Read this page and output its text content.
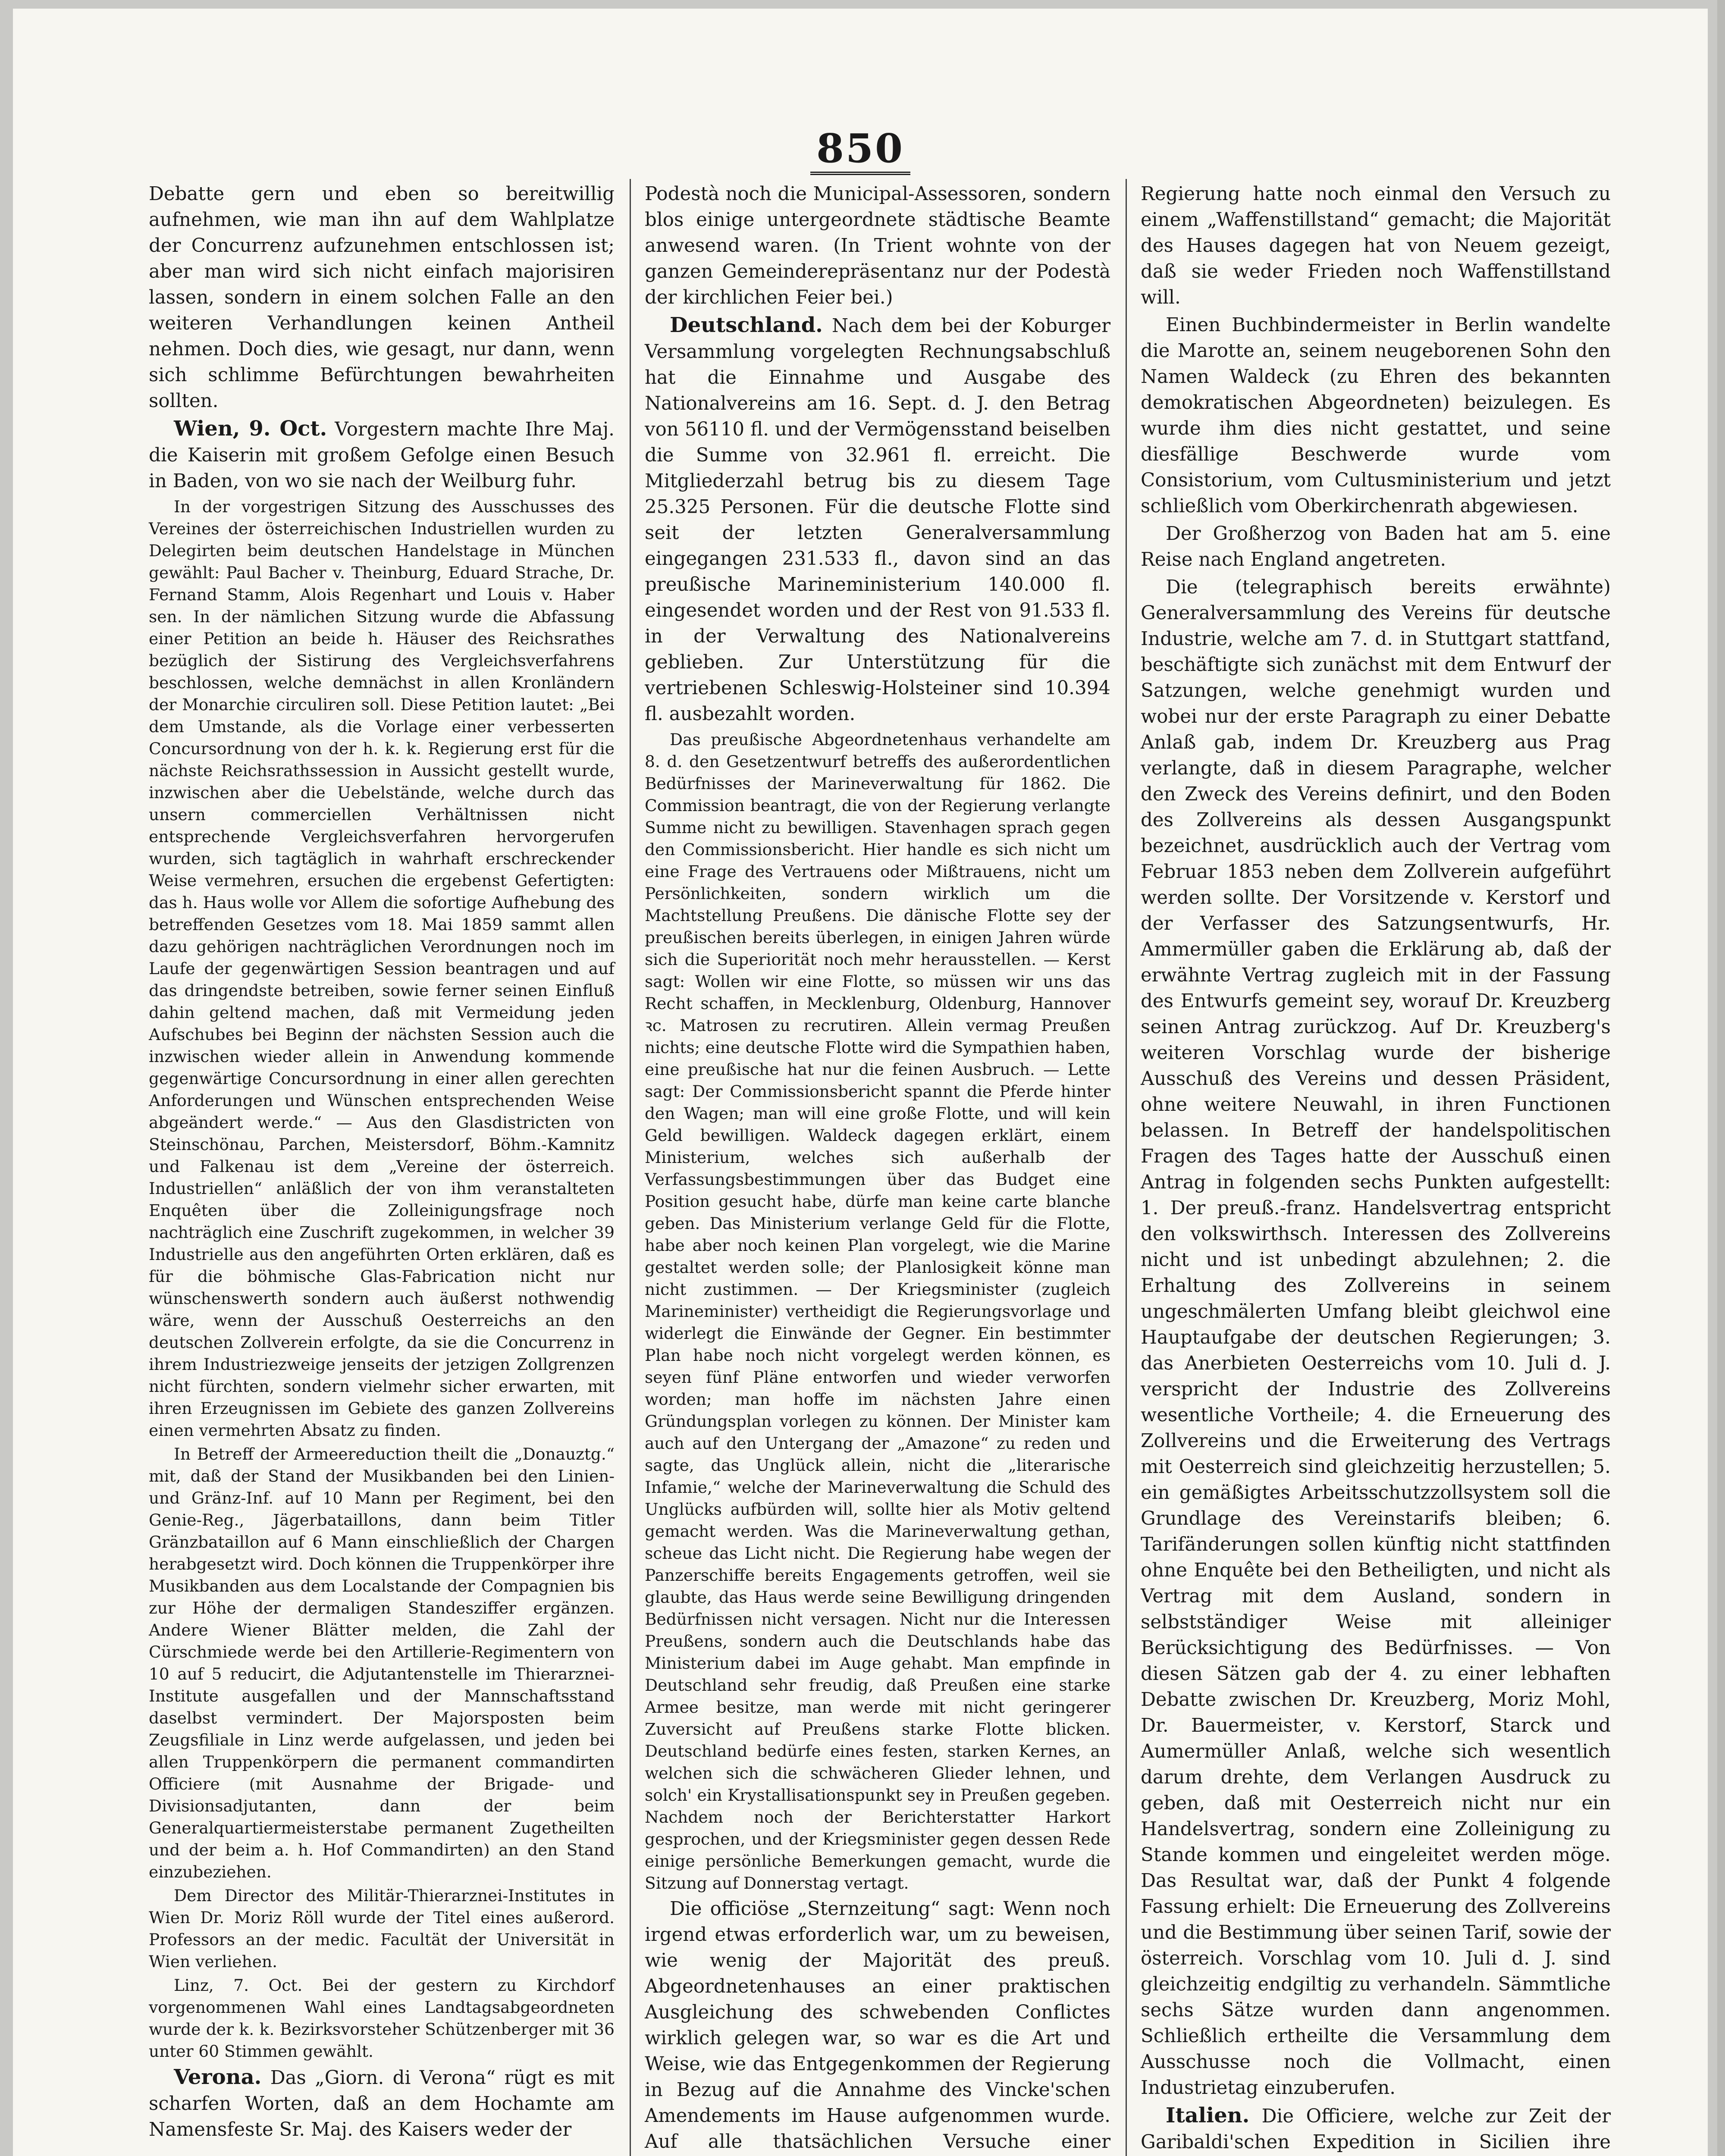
850

Debatte gern und eben so bereitwillig aufnehmen, wie man ihn auf dem Wahlplatze der Concurrenz aufzunehmen entschlossen ist; aber man wird sich nicht einfach majorisiren lassen, sondern in einem solchen Falle an den weiteren Verhandlungen keinen Antheil nehmen. Doch dies, wie gesagt, nur dann, wenn sich schlimme Befürchtungen bewahrheiten sollten.

Wien, 9. Oct. Vorgestern machte Ihre Maj. die Kaiserin mit großem Gefolge einen Besuch in Baden, von wo sie nach der Weilburg fuhr.

In der vorgestrigen Sitzung des Ausschusses des Vereines der österreichischen Industriellen wurden zu Delegirten beim deutschen Handelstage in München gewählt: Paul Bacher v. Theinburg, Eduard Strache, Dr. Fernand Stamm, Alois Regenhart und Louis v. Haber sen. In der nämlichen Sitzung wurde die Abfassung einer Petition an beide h. Häuser des Reichsrathes bezüglich der Sistirung des Vergleichsverfahrens beschlossen, welche demnächst in allen Kronländern der Monarchie circuliren soll. Diese Petition lautet: „Bei dem Umstande, als die Vorlage einer verbesserten Concursordnung von der h. k. k. Regierung erst für die nächste Reichsrathssession in Aussicht gestellt wurde, inzwischen aber die Uebelstände, welche durch das unsern commerciellen Verhältnissen nicht entsprechende Vergleichsverfahren hervorgerufen wurden, sich tagtäglich in wahrhaft erschreckender Weise vermehren, ersuchen die ergebenst Gefertigten: das h. Haus wolle vor Allem die sofortige Aufhebung des betreffenden Gesetzes vom 18. Mai 1859 sammt allen dazu gehörigen nachträglichen Verordnungen noch im Laufe der gegenwärtigen Session beantragen und auf das dringendste betreiben, sowie ferner seinen Einfluß dahin geltend machen, daß mit Vermeidung jeden Aufschubes bei Beginn der nächsten Session auch die inzwischen wieder allein in Anwendung kommende gegenwärtige Concursordnung in einer allen gerechten Anforderungen und Wünschen entsprechenden Weise abgeändert werde.“ — Aus den Glasdistricten von Steinschönau, Parchen, Meistersdorf, Böhm.-Kamnitz und Falkenau ist dem „Vereine der österreich. Industriellen“ anläßlich der von ihm veranstalteten Enquêten über die Zolleinigungsfrage noch nachträglich eine Zuschrift zugekommen, in welcher 39 Industrielle aus den angeführten Orten erklären, daß es für die böhmische Glas-Fabrication nicht nur wünschenswerth sondern auch äußerst nothwendig wäre, wenn der Ausschuß Oesterreichs an den deutschen Zollverein erfolgte, da sie die Concurrenz in ihrem Industriezweige jenseits der jetzigen Zollgrenzen nicht fürchten, sondern vielmehr sicher erwarten, mit ihren Erzeugnissen im Gebiete des ganzen Zollvereins einen vermehrten Absatz zu finden.

In Betreff der Armeereduction theilt die „Donauztg.“ mit, daß der Stand der Musikbanden bei den Linien- und Gränz-Inf. auf 10 Mann per Regiment, bei den Genie-Reg., Jägerbataillons, dann beim Titler Gränzbataillon auf 6 Mann einschließlich der Chargen herabgesetzt wird. Doch können die Truppenkörper ihre Musikbanden aus dem Localstande der Compagnien bis zur Höhe der dermaligen Standesziffer ergänzen. Andere Wiener Blätter melden, die Zahl der Cürschmiede werde bei den Artillerie-Regimentern von 10 auf 5 reducirt, die Adjutantenstelle im Thierarznei-Institute ausgefallen und der Mannschaftsstand daselbst vermindert. Der Majorsposten beim Zeugsfiliale in Linz werde aufgelassen, und jeden bei allen Truppenkörpern die permanent commandirten Officiere (mit Ausnahme der Brigade- und Divisionsadjutanten, dann der beim Generalquartiermeisterstabe permanent Zugetheilten und der beim a. h. Hof Commandirten) an den Stand einzubeziehen.

Dem Director des Militär-Thierarznei-Institutes in Wien Dr. Moriz Röll wurde der Titel eines außerord. Professors an der medic. Facultät der Universität in Wien verliehen.

Linz, 7. Oct. Bei der gestern zu Kirchdorf vorgenommenen Wahl eines Landtagsabgeordneten wurde der k. k. Bezirksvorsteher Schützenberger mit 36 unter 60 Stimmen gewählt.

Verona. Das „Giorn. di Verona“ rügt es mit scharfen Worten, daß an dem Hochamte am Namensfeste Sr. Maj. des Kaisers weder der

Podestà noch die Municipal-Assessoren, sondern blos einige untergeordnete städtische Beamte anwesend waren. (In Trient wohnte von der ganzen Gemeinderepräsentanz nur der Podestà der kirchlichen Feier bei.)

Deutschland. Nach dem bei der Koburger Versammlung vorgelegten Rechnungsabschluß hat die Einnahme und Ausgabe des Nationalvereins am 16. Sept. d. J. den Betrag von 56110 fl. und der Vermögensstand beiselben die Summe von 32.961 fl. erreicht. Die Mitgliederzahl betrug bis zu diesem Tage 25.325 Personen. Für die deutsche Flotte sind seit der letzten Generalversammlung eingegangen 231.533 fl., davon sind an das preußische Marineministerium 140.000 fl. eingesendet worden und der Rest von 91.533 fl. in der Verwaltung des Nationalvereins geblieben. Zur Unterstützung für die vertriebenen Schleswig-Holsteiner sind 10.394 fl. ausbezahlt worden.

Das preußische Abgeordnetenhaus verhandelte am 8. d. den Gesetzentwurf betreffs des außerordentlichen Bedürfnisses der Marineverwaltung für 1862. Die Commission beantragt, die von der Regierung verlangte Summe nicht zu bewilligen. Stavenhagen sprach gegen den Commissionsbericht. Hier handle es sich nicht um eine Frage des Vertrauens oder Mißtrauens, nicht um Persönlichkeiten, sondern wirklich um die Machtstellung Preußens. Die dänische Flotte sey der preußischen bereits überlegen, in einigen Jahren würde sich die Superiorität noch mehr herausstellen. — Kerst sagt: Wollen wir eine Flotte, so müssen wir uns das Recht schaffen, in Mecklenburg, Oldenburg, Hannover ꝛc. Matrosen zu recrutiren. Allein vermag Preußen nichts; eine deutsche Flotte wird die Sympathien haben, eine preußische hat nur die feinen Ausbruch. — Lette sagt: Der Commissionsbericht spannt die Pferde hinter den Wagen; man will eine große Flotte, und will kein Geld bewilligen. Waldeck dagegen erklärt, einem Ministerium, welches sich außerhalb der Verfassungsbestimmungen über das Budget eine Position gesucht habe, dürfe man keine carte blanche geben. Das Ministerium verlange Geld für die Flotte, habe aber noch keinen Plan vorgelegt, wie die Marine gestaltet werden solle; der Planlosigkeit könne man nicht zustimmen. — Der Kriegsminister (zugleich Marineminister) vertheidigt die Regierungsvorlage und widerlegt die Einwände der Gegner. Ein bestimmter Plan habe noch nicht vorgelegt werden können, es seyen fünf Pläne entworfen und wieder verworfen worden; man hoffe im nächsten Jahre einen Gründungsplan vorlegen zu können. Der Minister kam auch auf den Untergang der „Amazone“ zu reden und sagte, das Unglück allein, nicht die „literarische Infamie,“ welche der Marineverwaltung die Schuld des Unglücks aufbürden will, sollte hier als Motiv geltend gemacht werden. Was die Marineverwaltung gethan, scheue das Licht nicht. Die Regierung habe wegen der Panzerschiffe bereits Engagements getroffen, weil sie glaubte, das Haus werde seine Bewilligung dringenden Bedürfnissen nicht versagen. Nicht nur die Interessen Preußens, sondern auch die Deutschlands habe das Ministerium dabei im Auge gehabt. Man empfinde in Deutschland sehr freudig, daß Preußen eine starke Armee besitze, man werde mit nicht geringerer Zuversicht auf Preußens starke Flotte blicken. Deutschland bedürfe eines festen, starken Kernes, an welchen sich die schwächeren Glieder lehnen, und solch' ein Krystallisationspunkt sey in Preußen gegeben. Nachdem noch der Berichterstatter Harkort gesprochen, und der Kriegsminister gegen dessen Rede einige persönliche Bemerkungen gemacht, wurde die Sitzung auf Donnerstag vertagt.

Die officiöse „Sternzeitung“ sagt: Wenn noch irgend etwas erforderlich war, um zu beweisen, wie wenig der Majorität des preuß. Abgeordnetenhauses an einer praktischen Ausgleichung des schwebenden Conflictes wirklich gelegen war, so war es die Art und Weise, wie das Entgegenkommen der Regierung in Bezug auf die Annahme des Vincke'schen Amendements im Hause aufgenommen wurde. Auf alle thatsächlichen Versuche einer

Regierung hatte noch einmal den Versuch zu einem „Waffenstillstand“ gemacht; die Majorität des Hauses dagegen hat von Neuem gezeigt, daß sie weder Frieden noch Waffenstillstand will.

Einen Buchbindermeister in Berlin wandelte die Marotte an, seinem neugeborenen Sohn den Namen Waldeck (zu Ehren des bekannten demokratischen Abgeordneten) beizulegen. Es wurde ihm dies nicht gestattet, und seine diesfällige Beschwerde wurde vom Consistorium, vom Cultusministerium und jetzt schließlich vom Oberkirchenrath abgewiesen.

Der Großherzog von Baden hat am 5. eine Reise nach England angetreten.

Die (telegraphisch bereits erwähnte) Generalversammlung des Vereins für deutsche Industrie, welche am 7. d. in Stuttgart stattfand, beschäftigte sich zunächst mit dem Entwurf der Satzungen, welche genehmigt wurden und wobei nur der erste Paragraph zu einer Debatte Anlaß gab, indem Dr. Kreuzberg aus Prag verlangte, daß in diesem Paragraphe, welcher den Zweck des Vereins definirt, und den Boden des Zollvereins als dessen Ausgangspunkt bezeichnet, ausdrücklich auch der Vertrag vom Februar 1853 neben dem Zollverein aufgeführt werden sollte. Der Vorsitzende v. Kerstorf und der Verfasser des Satzungsentwurfs, Hr. Ammermüller gaben die Erklärung ab, daß der erwähnte Vertrag zugleich mit in der Fassung des Entwurfs gemeint sey, worauf Dr. Kreuzberg seinen Antrag zurückzog. Auf Dr. Kreuzberg's weiteren Vorschlag wurde der bisherige Ausschuß des Vereins und dessen Präsident, ohne weitere Neuwahl, in ihren Functionen belassen. In Betreff der handelspolitischen Fragen des Tages hatte der Ausschuß einen Antrag in folgenden sechs Punkten aufgestellt: 1. Der preuß.-franz. Handelsvertrag entspricht den volkswirthsch. Interessen des Zollvereins nicht und ist unbedingt abzulehnen; 2. die Erhaltung des Zollvereins in seinem ungeschmälerten Umfang bleibt gleichwol eine Hauptaufgabe der deutschen Regierungen; 3. das Anerbieten Oesterreichs vom 10. Juli d. J. verspricht der Industrie des Zollvereins wesentliche Vortheile; 4. die Erneuerung des Zollvereins und die Erweiterung des Vertrags mit Oesterreich sind gleichzeitig herzustellen; 5. ein gemäßigtes Arbeitsschutzzollsystem soll die Grundlage des Vereinstarifs bleiben; 6. Tarifänderungen sollen künftig nicht stattfinden ohne Enquête bei den Betheiligten, und nicht als Vertrag mit dem Ausland, sondern in selbstständiger Weise mit alleiniger Berücksichtigung des Bedürfnisses. — Von diesen Sätzen gab der 4. zu einer lebhaften Debatte zwischen Dr. Kreuzberg, Moriz Mohl, Dr. Bauermeister, v. Kerstorf, Starck und Aumermüller Anlaß, welche sich wesentlich darum drehte, dem Verlangen Ausdruck zu geben, daß mit Oesterreich nicht nur ein Handelsvertrag, sondern eine Zolleinigung zu Stande kommen und eingeleitet werden möge. Das Resultat war, daß der Punkt 4 folgende Fassung erhielt: Die Erneuerung des Zollvereins und die Bestimmung über seinen Tarif, sowie der österreich. Vorschlag vom 10. Juli d. J. sind gleichzeitig endgiltig zu verhandeln. Sämmtliche sechs Sätze wurden dann angenommen. Schließlich ertheilte die Versammlung dem Ausschusse noch die Vollmacht, einen Industrietag einzuberufen.

Italien. Die Officiere, welche zur Zeit der Garibaldi'schen Expedition in Sicilien ihre
